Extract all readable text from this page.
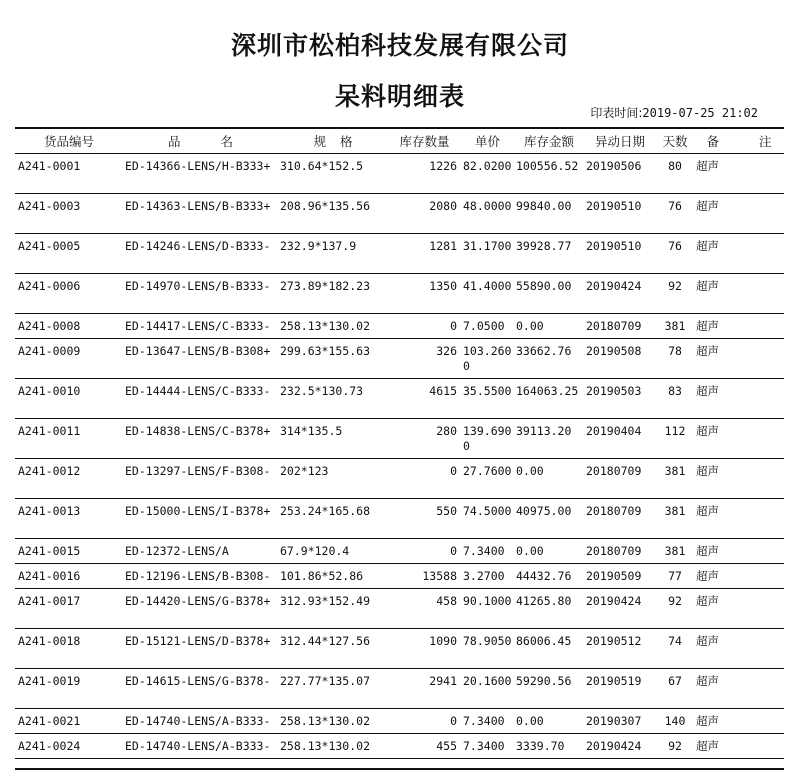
深圳市松柏科技发展有限公司
呆料明细表
印表时间:2019-07-25 21:02
货品编号	品 名	规 格	库存数量	单价	库存金额	异动日期	天数	备 注
A241-0001	ED-14366-LENS/H-B333+	310.64*152.5	1226	82.0200	100556.52	20190506	80	超声
A241-0003	ED-14363-LENS/B-B333+	208.96*135.56	2080	48.0000	99840.00	20190510	76	超声
A241-0005	ED-14246-LENS/D-B333-	232.9*137.9	1281	31.1700	39928.77	20190510	76	超声
A241-0006	ED-14970-LENS/B-B333-	273.89*182.23	1350	41.4000	55890.00	20190424	92	超声
A241-0008	ED-14417-LENS/C-B333-	258.13*130.02	0	7.0500	0.00	20180709	381	超声
A241-0009	ED-13647-LENS/B-B308+	299.63*155.63	326	103.2600	33662.76	20190508	78	超声
A241-0010	ED-14444-LENS/C-B333-	232.5*130.73	4615	35.5500	164063.25	20190503	83	超声
A241-0011	ED-14838-LENS/C-B378+	314*135.5	280	139.6900	39113.20	20190404	112	超声
A241-0012	ED-13297-LENS/F-B308-	202*123	0	27.7600	0.00	20180709	381	超声
A241-0013	ED-15000-LENS/I-B378+	253.24*165.68	550	74.5000	40975.00	20180709	381	超声
A241-0015	ED-12372-LENS/A	67.9*120.4	0	7.3400	0.00	20180709	381	超声
A241-0016	ED-12196-LENS/B-B308-	101.86*52.86	13588	3.2700	44432.76	20190509	77	超声
A241-0017	ED-14420-LENS/G-B378+	312.93*152.49	458	90.1000	41265.80	20190424	92	超声
A241-0018	ED-15121-LENS/D-B378+	312.44*127.56	1090	78.9050	86006.45	20190512	74	超声
A241-0019	ED-14615-LENS/G-B378-	227.77*135.07	2941	20.1600	59290.56	20190519	67	超声
A241-0021	ED-14740-LENS/A-B333-	258.13*130.02	0	7.3400	0.00	20190307	140	超声
A241-0024	ED-14740-LENS/A-B333-	258.13*130.02	455	7.3400	3339.70	20190424	92	超声
